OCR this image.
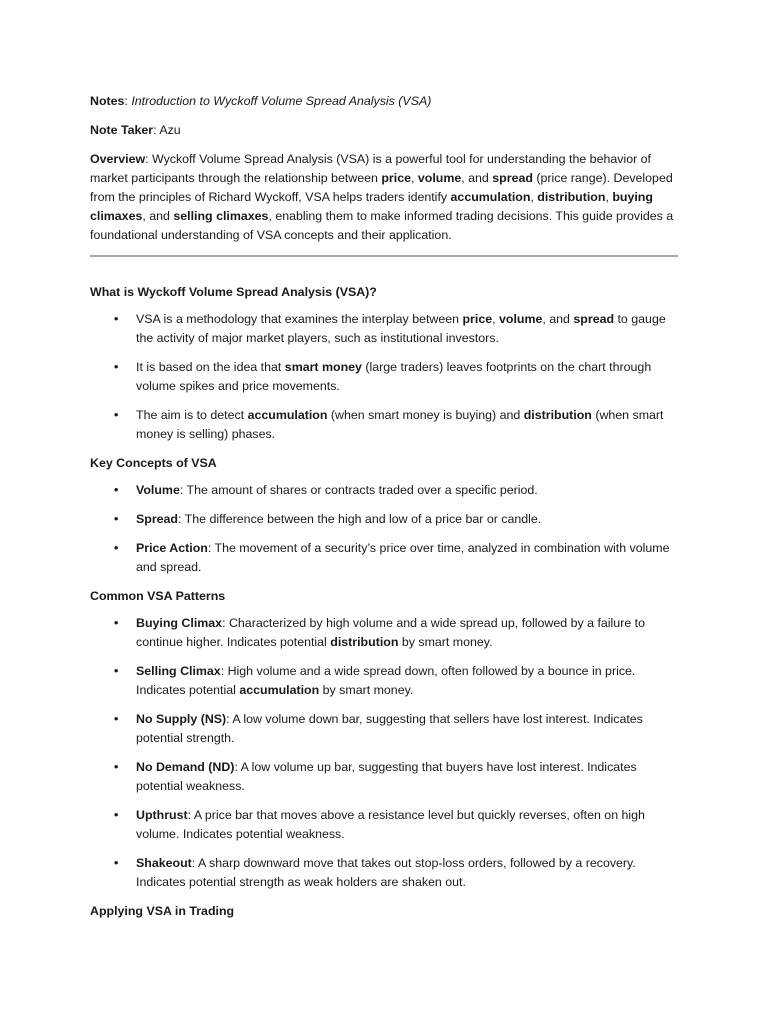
Notes: Introduction to Wyckoff Volume Spread Analysis (VSA)

Note Taker: Azu

Overview: Wyckoff Volume Spread Analysis (VSA) is a powerful tool for understanding the behavior of market participants through the relationship between price, volume, and spread (price range). Developed from the principles of Richard Wyckoff, VSA helps traders identify accumulation, distribution, buying climaxes, and selling climaxes, enabling them to make informed trading decisions. This guide provides a foundational understanding of VSA concepts and their application.

What is Wyckoff Volume Spread Analysis (VSA)?
• VSA is a methodology that examines the interplay between price, volume, and spread to gauge the activity of major market players, such as institutional investors.
• It is based on the idea that smart money (large traders) leaves footprints on the chart through volume spikes and price movements.
• The aim is to detect accumulation (when smart money is buying) and distribution (when smart money is selling) phases.
Key Concepts of VSA
• Volume: The amount of shares or contracts traded over a specific period.
• Spread: The difference between the high and low of a price bar or candle.
• Price Action: The movement of a security’s price over time, analyzed in combination with volume and spread.
Common VSA Patterns
• Buying Climax: Characterized by high volume and a wide spread up, followed by a failure to continue higher. Indicates potential distribution by smart money.
• Selling Climax: High volume and a wide spread down, often followed by a bounce in price. Indicates potential accumulation by smart money.
• No Supply (NS): A low volume down bar, suggesting that sellers have lost interest. Indicates potential strength.
• No Demand (ND): A low volume up bar, suggesting that buyers have lost interest. Indicates potential weakness.
• Upthrust: A price bar that moves above a resistance level but quickly reverses, often on high volume. Indicates potential weakness.
• Shakeout: A sharp downward move that takes out stop-loss orders, followed by a recovery. Indicates potential strength as weak holders are shaken out.
Applying VSA in Trading
